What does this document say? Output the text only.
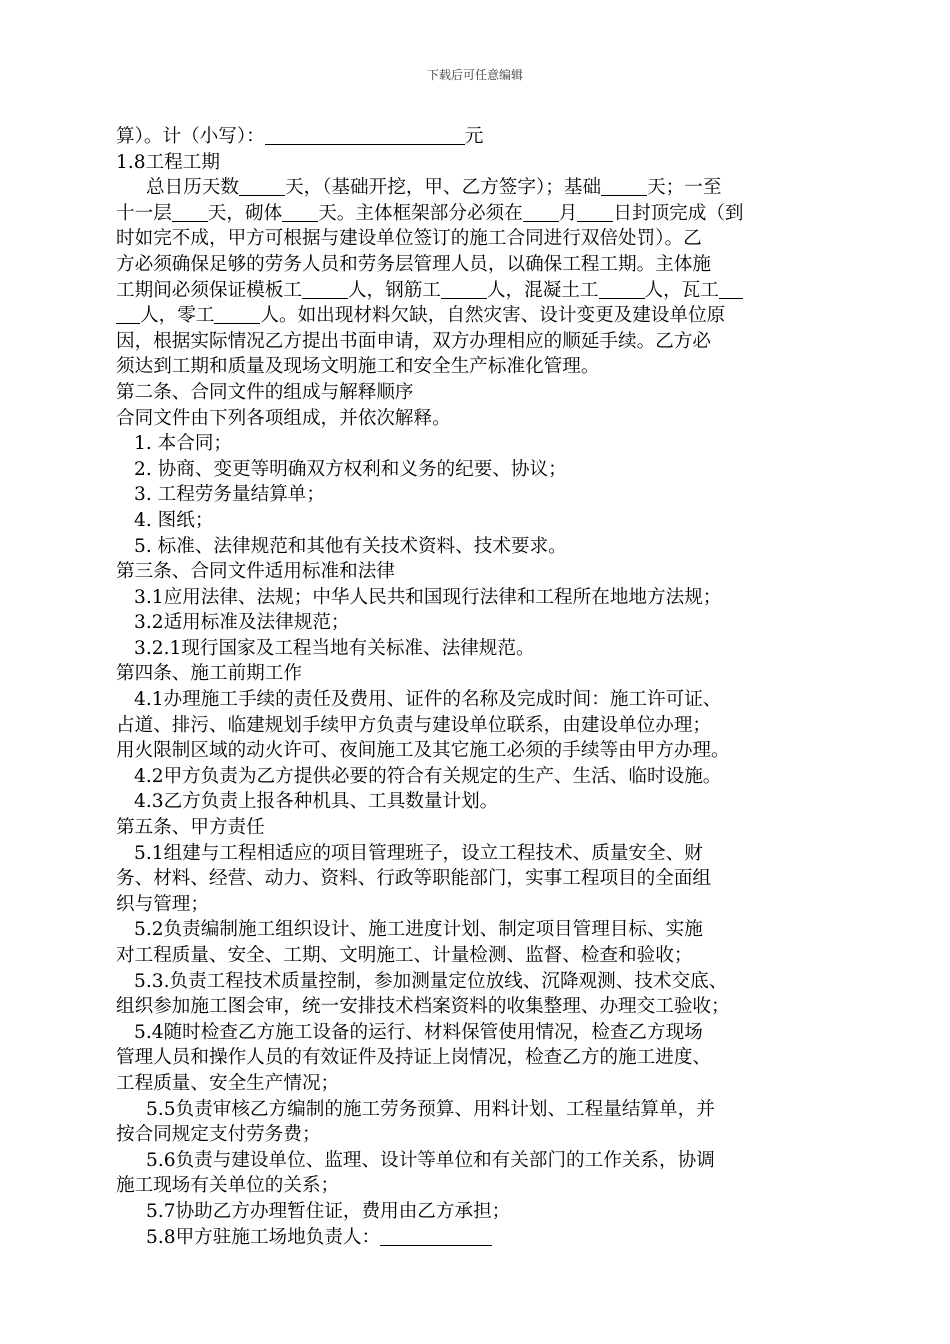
下载后可任意编辑

算）。计（小写）：	元

1.8工程工期

总日历天数 天，（基础开挖，甲、乙方签字）；基础 天；一至

十一层 天，砌体 天。主体框架部分必须在 月 日封顶完成（到

时如完不成，甲方可根据与建设单位签订的施工合同进行双倍处罚）。乙

方必须确保足够的劳务人员和劳务层管理人员，以确保工程工期。主体施

工期间必须保证模板工 人，钢筋工 人，混凝土工 人，瓦工

人，零工 人。如出现材料欠缺，自然灾害、设计变更及建设单位原

因，根据实际情况乙方提出书面申请，双方办理相应的顺延手续。乙方必

须达到工期和质量及现场文明施工和安全生产标准化管理。

第二条、合同文件的组成与解释顺序

合同文件由下列各项组成，并依次解释。

1. 本合同；

2. 协商、变更等明确双方权利和义务的纪要、协议；

3. 工程劳务量结算单；

4. 图纸；

5. 标准、法律规范和其他有关技术资料、技术要求。

第三条、合同文件适用标准和法律

3.1应用法律、法规；中华人民共和国现行法律和工程所在地地方法规；

3.2适用标准及法律规范；

3.2.1现行国家及工程当地有关标准、法律规范。

第四条、施工前期工作

4.1办理施工手续的责任及费用、证件的名称及完成时间：施工许可证、

占道、排污、临建规划手续甲方负责与建设单位联系，由建设单位办理；

用火限制区域的动火许可、夜间施工及其它施工必须的手续等由甲方办理。

4.2甲方负责为乙方提供必要的符合有关规定的生产、生活、临时设施。

4.3乙方负责上报各种机具、工具数量计划。

第五条、甲方责任

5.1组建与工程相适应的项目管理班子，设立工程技术、质量安全、财

务、材料、经营、动力、资料、行政等职能部门，实事工程项目的全面组

织与管理；

5.2负责编制施工组织设计、施工进度计划、制定项目管理目标、实施

对工程质量、安全、工期、文明施工、计量检测、监督、检查和验收；

5.3.负责工程技术质量控制，参加测量定位放线、沉降观测、技术交底、

组织参加施工图会审，统一安排技术档案资料的收集整理、办理交工验收；

5.4随时检查乙方施工设备的运行、材料保管使用情况，检查乙方现场

管理人员和操作人员的有效证件及持证上岗情况，检查乙方的施工进度、

工程质量、安全生产情况；

5.5负责审核乙方编制的施工劳务预算、用料计划、工程量结算单，并

按合同规定支付劳务费；

5.6负责与建设单位、监理、设计等单位和有关部门的工作关系，协调

施工现场有关单位的关系；

5.7协助乙方办理暂住证，费用由乙方承担；

5.8甲方驻施工场地负责人：
